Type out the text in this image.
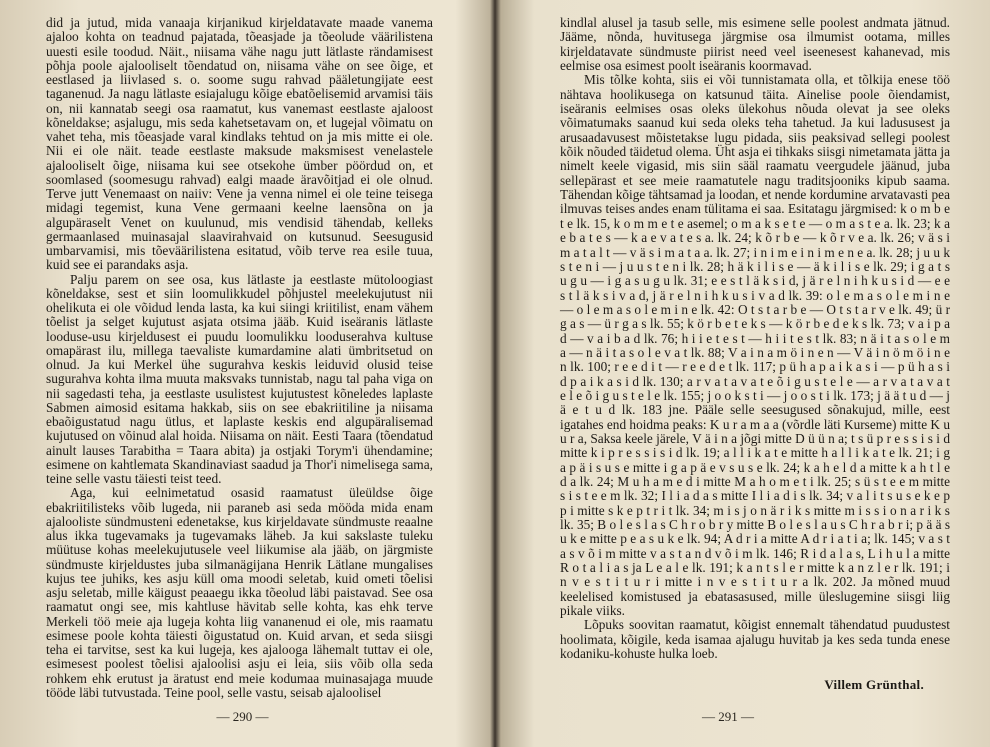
did ja jutud, mida vanaaja kirjanikud kirjeldatavate maade vanema ajaloo kohta on teadnud pajatada, tõeasjade ja tõeolude väärilistena uuesti esile toodud. Näit., niisama vähe nagu jutt lätlaste rändamisest põhja poole ajalooliselt tõendatud on, niisama vähe on see õige, et eestlased ja liivlased s. o. soome sugu rahvad pääletungijate eest taganenud. Ja nagu lätlaste esiajalugu kõige ebatõelisemid arvamisi täis on, nii kannatab seegi osa raamatut, kus vanemast eestlaste ajaloost kõneldakse; asjalugu, mis seda kahetsetavam on, et lugejal võimatu on vahet teha, mis tõeasjade varal kindlaks tehtud on ja mis mitte ei ole. Nii ei ole näit. teade eestlaste maksude maksmisest venelastele ajalooliselt õige, niisama kui see otsekohe ümber pöördud on, et soomlased (soomesugu rahvad) ealgi maade äravõitjad ei ole olnud. Terve jutt Venemaast on naiiv: Vene ja venna nimel ei ole teine teisega midagi tegemist, kuna Vene germaani keelne laensõna on ja algupäraselt Venet on kuulunud, mis vendisid tähendab, kelleks germaanlased muinasajal slaavirahvaid on kutsunud. Seesugusid umbarvamisi, mis tõeväärilistena esitatud, võib terve rea esile tuua, kuid see ei parandaks asja.

Palju parem on see osa, kus lätlaste ja eestlaste mütoloogiast kõneldakse, sest et siin loomulikkudel põhjustel meelekujutust nii ohelikuta ei ole võidud lenda lasta, ka kui siingi kriitilist, enam vähem tõelist ja selget kujutust asjata otsima jääb. Kuid iseäranis lätlaste looduse-usu kirjeldusest ei puudu loomulikku looduserahva kultuse omapärast ilu, millega taevaliste kumardamine alati ümbritsetud on olnud. Ja kui Merkel ühe sugurahva keskis leiduvid olusid teise sugurahva kohta ilma muuta maksvaks tunnistab, nagu tal paha viga on nii sagedasti teha, ja eestlaste usulistest kujutustest kõneledes laplaste Sabmen aimosid esitama hakkab, siis on see ebakriitiline ja niisama ebaõigustatud nagu ütlus, et laplaste keskis end algupäralisemad kujutused on võinud alal hoida. Niisama on näit. Eesti Taara (tõendatud ainult lauses Tarabitha = Taara abita) ja ostjaki Torym'i ühendamine; esimene on kahtlemata Skandinaviast saadud ja Thor'i nimelisega sama, teine selle vastu täiesti teist teed.

Aga, kui eelnimetatud osasid raamatust üleüldse õige ebakriitilisteks võib lugeda, nii paraneb asi seda mööda mida enam ajalooliste sündmusteni edenetakse, kus kirjeldavate sündmuste reaalne alus ikka tugevamaks ja tugevamaks läheb. Ja kui sakslaste tuleku müütuse kohas meelekujutusele veel liikumise ala jääb, on järgmiste sündmuste kirjeldustes juba silmanägijana Henrik Lätlane mungalises kujus tee juhiks, kes asju küll oma moodi seletab, kuid ometi tõelisi asju seletab, mille käigust peaaegu ikka tõeolud läbi paistavad. See osa raamatut ongi see, mis kahtluse hävitab selle kohta, kas ehk terve Merkeli töö meie aja lugeja kohta liig vananenud ei ole, mis raamatu esimese poole kohta täiesti õigustatud on. Kuid arvan, et seda siisgi teha ei tarvitse, sest ka kui lugeja, kes ajalooga lähemalt tuttav ei ole, esimesest poolest tõelisi ajaloolisi asju ei leia, siis võib olla seda rohkem ehk erutust ja äratust end meie kodumaa muinasajaga muude tööde läbi tutvustada. Teine pool, selle vastu, seisab ajaloolisel

— 290 —

kindlal alusel ja tasub selle, mis esimene selle poolest andmata jätnud. Jääme, nõnda, huvitusega järgmise osa ilmumist ootama, milles kirjeldatavate sündmuste piirist need veel iseenesest kahanevad, mis eelmise osa esimest poolt iseäranis koormavad.

Mis tõlke kohta, siis ei või tunnistamata olla, et tõlkija enese töö nähtava hoolikusega on katsunud täita. Ainelise poole õiendamist, iseäranis eelmises osas oleks ülekohus nõuda olevat ja see oleks võimatumaks saanud kui seda oleks teha tahetud. Ja kui ladususest ja arusaadavusest mõistetakse lugu pidada, siis peaksivad sellegi poolest kõik nõuded täidetud olema. Üht asja ei tihkaks siisgi nimetamata jätta ja nimelt keele vigasid, mis siin sääl raamatu veergudele jäänud, juba sellepärast et see meie raamatutele nagu traditsjooniks kipub saama. Tähendan kõige tähtsamad ja loodan, et nende kordumine arvatavasti pea ilmuvas teises andes enam tülitama ei saa. Esitatagu järgmised: k o m b e t e lk. 15, k o m m e t e asemel; o m a k s e t e — o m a s t e a. lk. 23; k a e b a t e s — k a e v a t e s a. lk. 24; k õ r b e — k õ r v e a. lk. 26; v ä s i m a t a l t — v ä s i m a t a a. lk. 27; i n i m e i n i m e n e a. lk. 28; j u u k s t e n i — j u u s t e n i lk. 28; h ä k i l i s e — ä k i l i s e lk. 29; i g a t s u g u — i g a s u g u lk. 31; e e s t l ä k s i d, j ä r e l n i h k u s i d — e e s t l ä k s i v a d, j ä r e l n i h k u s i v a d lk. 39: o l e m a s o l e m i n e — o l e m a s o l e m i n e lk. 42: O t s t a r b e — O t s t a r v e lk. 49; ü r g a s — ü r g a s lk. 55; k ö r b e t e k s — k ö r b e d e k s lk. 73; v a i p a d — v a i b a d lk. 76; h i i e t e s t — h i i t e s t lk. 83; n ä i t a s o l e m a — n ä i t a s o l e v a t lk. 88; V a i n a m ö i n e n — V ä i n ö m ö i n e n lk. 100; r e e d i t — r e e d e t lk. 117; p ü h a p a i k a s i — p ü h a s i d p a i k a s i d lk. 130; a r v a t a v a t e õ i g u s t e l e — a r v a t a v a t e l e õ i g u s t e l e lk. 155; j o o k s t i — j o o s t i lk. 173; j ä ä t u d — j ä e t u d lk. 183 jne. Pääle selle seesugused sõnakujud, mille, eest igatahes end hoidma peaks: K u r a m a a (võrdle läti Kurseme) mitte K u u r a, Saksa keele järele, V ä i n a jõgi mitte D ü ü n a; t s ü p r e s s i s i d mitte k i p r e s s i s i d lk. 19; a l l i k a t e mitte h a l l i k a t e lk. 21; i g a p ä i s u s e mitte i g a p ä e v s u s e lk. 24; k a h e l d a mitte k a h t l e d a lk. 24; M u h a m e d i mitte M a h o m e t i lk. 25; s ü s t e e m mitte s i s t e e m lk. 32; I l i a d a s mitte I l i a d i s lk. 34; v a l i t s u s e k e p p i mitte s k e p t r i t lk. 34; m i s j o n ä r i k s mitte m i s s i o n a r i k s lk. 35; B o l e s l a s C h r o b r y mitte B o l e s l a u s C h r a b r i; p ä ä s u k e mitte p e a s u k e lk. 94; A d r i a mitte A d r i a t i a; lk. 145; v a s t a s v õ i m mitte v a s t a n d v õ i m lk. 146; R i d a l a s, L i h u l a mitte R o t a l i a s ja L e a l e lk. 191; k a n t s l e r mitte k a n z l e r lk. 191; i n v e s t i t u r i mitte i n v e s t i t u r a lk. 202. Ja mõned muud keelelised komistused ja ebatasasused, mille üleslugemine siisgi liig pikale viiks.

Lõpuks soovitan raamatut, kõigist ennemalt tähendatud puudustest hoolimata, kõigile, keda isamaa ajalugu huvitab ja kes seda tunda enese kodaniku-kohuste hulka loeb.

Villem Grünthal.
— 291 —
